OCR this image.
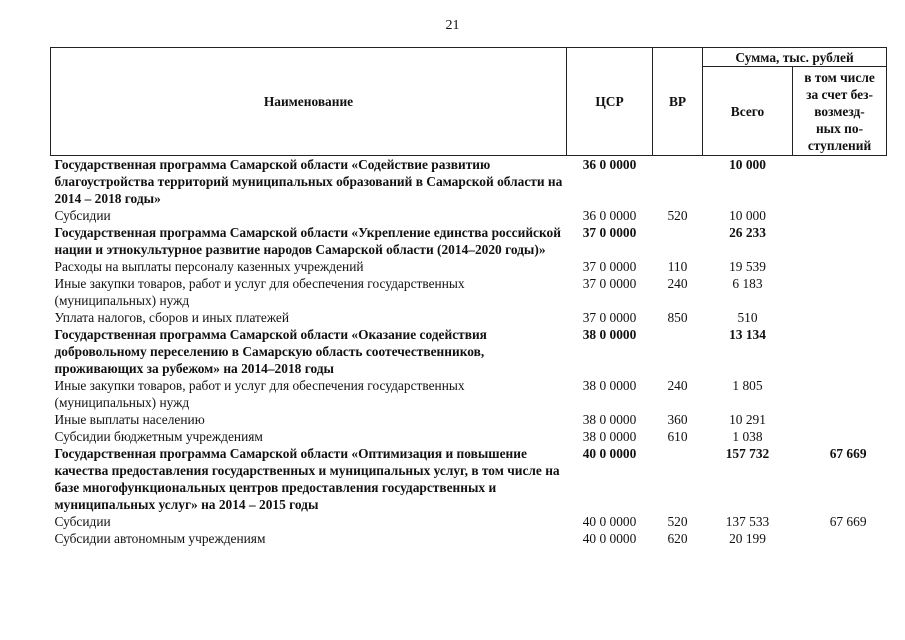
21
Наименование	ЦСР	ВР	Сумма, тыс. рублей	
			Всего	в том числе
за счет без-
возмезд-
ных по-
ступлений

Государственная программа Самарской области «Содействие развитию благоустройства территорий муниципальных образований в Самарской области на 2014 – 2018 годы»	36 0 0000		10 000	
Субсидии	36 0 0000	520	10 000	
Государственная программа Самарской области «Укрепление единства российской нации и этнокультурное развитие народов Самарской области (2014–2020 годы)»	37 0 0000		26 233	
Расходы на выплаты персоналу казенных учреждений	37 0 0000	110	19 539	
Иные закупки товаров, работ и услуг для обеспечения государственных (муниципальных) нужд	37 0 0000	240	6 183	
Уплата налогов, сборов и иных платежей	37 0 0000	850	510	
Государственная программа Самарской области «Оказание содействия добровольному переселению в Самарскую область соотечественников, проживающих за рубежом» на 2014–2018 годы	38 0 0000		13 134	
Иные закупки товаров, работ и услуг для обеспечения государственных (муниципальных) нужд	38 0 0000	240	1 805	
Иные выплаты населению	38 0 0000	360	10 291	
Субсидии бюджетным учреждениям	38 0 0000	610	1 038	
Государственная программа Самарской области «Оптимизация и повышение качества предоставления государственных и муниципальных услуг, в том числе на базе многофункциональных центров предоставления государственных и муниципальных услуг» на 2014 – 2015 годы	40 0 0000		157 732	67 669
Субсидии	40 0 0000	520	137 533	67 669
Субсидии автономным учреждениям	40 0 0000	620	20 199	
